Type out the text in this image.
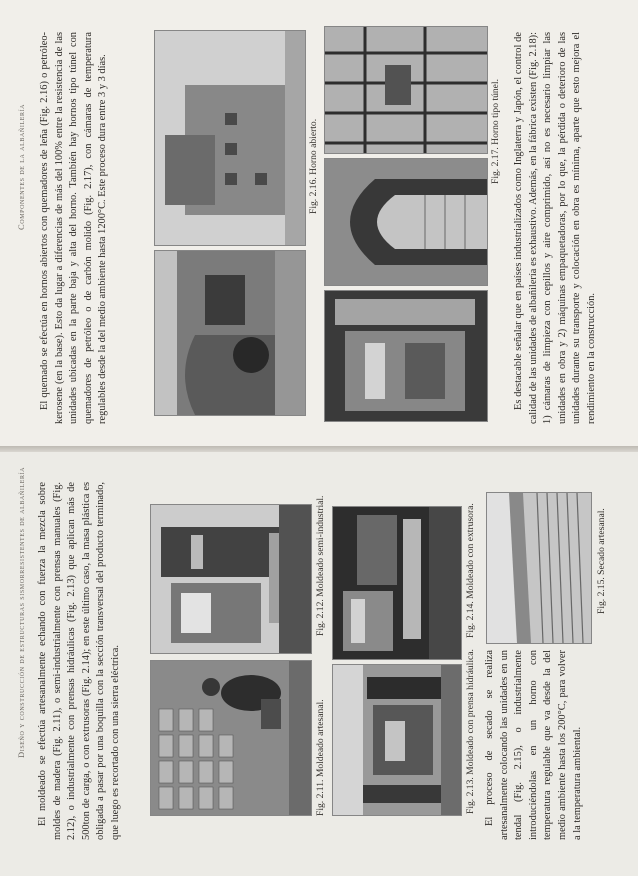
Diseño y construcción de estructuras sismorresistentes de albañilería El moldeado se efectúa artesanalmente echando con fuerza la mezcla sobre moldes de madera (Fig. 2.11), o semi-industrialmente con prensas manuales (Fig. 2.12), o industrialmente con prensas hidráulicas (Fig. 2.13) que aplican más de 500ton de carga, o con extrusoras (Fig. 2.14); en este último caso, la masa plástica es obligada a pasar por una boquilla con la sección transversal del producto terminado, que luego es recortado con una sierra eléctrica.	Fig. 2.11. Moldeado artesanal.
Fig. 2.12. Moldeado semi-industrial.
Fig. 2.13. Moldeado con prensa hidráulica.
Fig. 2.14. Moldeado con extrusora.

El proceso de secado se realiza artesanalmente colocando las unidades en un tendal (Fig. 2.15), o industrialmente introduciéndolas en un horno con temperatura regulable que va desde la del medio ambiente hasta los 200°C, para volver a la temperatura ambiental.

Fig. 2.15. Secado artesanal.
Componentes de la albañilería El quemado se efectúa en hornos abiertos con quemadores de leña (Fig. 2.16) o petróleo-kerosene (en la base). Esto da lugar a diferencias de más del 100% entre la resistencia de las unidades ubicadas en la parte baja y alta del horno. También hay hornos tipo túnel con quemadores de petróleo o de carbón molido (Fig. 2.17), con cámaras de temperatura regulables desde la del medio ambiente hasta 1200°C. Este proceso dura entre 3 y 3 días.	Fig. 2.16. Horno abierto.	Fig. 2.17. Horno tipo túnel. Es destacable señalar que en países industrializados como Inglaterra y Japón, el control de calidad de las unidades de albañilería es exhaustivo. Además, en la fábrica existen (Fig. 2.18): 1) cámaras de limpieza con cepillos y aire comprimido, así no es necesario limpiar las unidades en obra y 2) máquinas empaquetadoras, por lo que, la pérdida o deterioro de las unidades durante su transporte y colocación en obra es mínima, aparte que esto mejora el rendimiento en la construcción.
